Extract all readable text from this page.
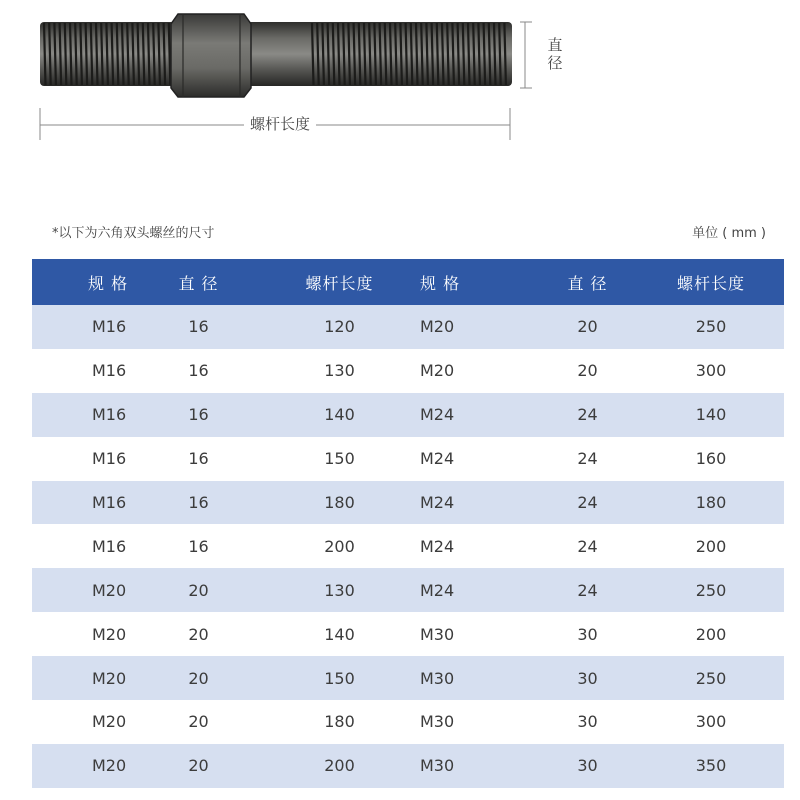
螺杆长度
直径
*以下为六角双头螺丝的尺寸	单位 ( mm )
规 格	直 径	螺杆长度	规 格	直 径	螺杆长度
M16	16	120	M20	20	250
M16	16	130	M20	20	300
M16	16	140	M24	24	140
M16	16	150	M24	24	160
M16	16	180	M24	24	180
M16	16	200	M24	24	200
M20	20	130	M24	24	250
M20	20	140	M30	30	200
M20	20	150	M30	30	250
M20	20	180	M30	30	300
M20	20	200	M30	30	350
